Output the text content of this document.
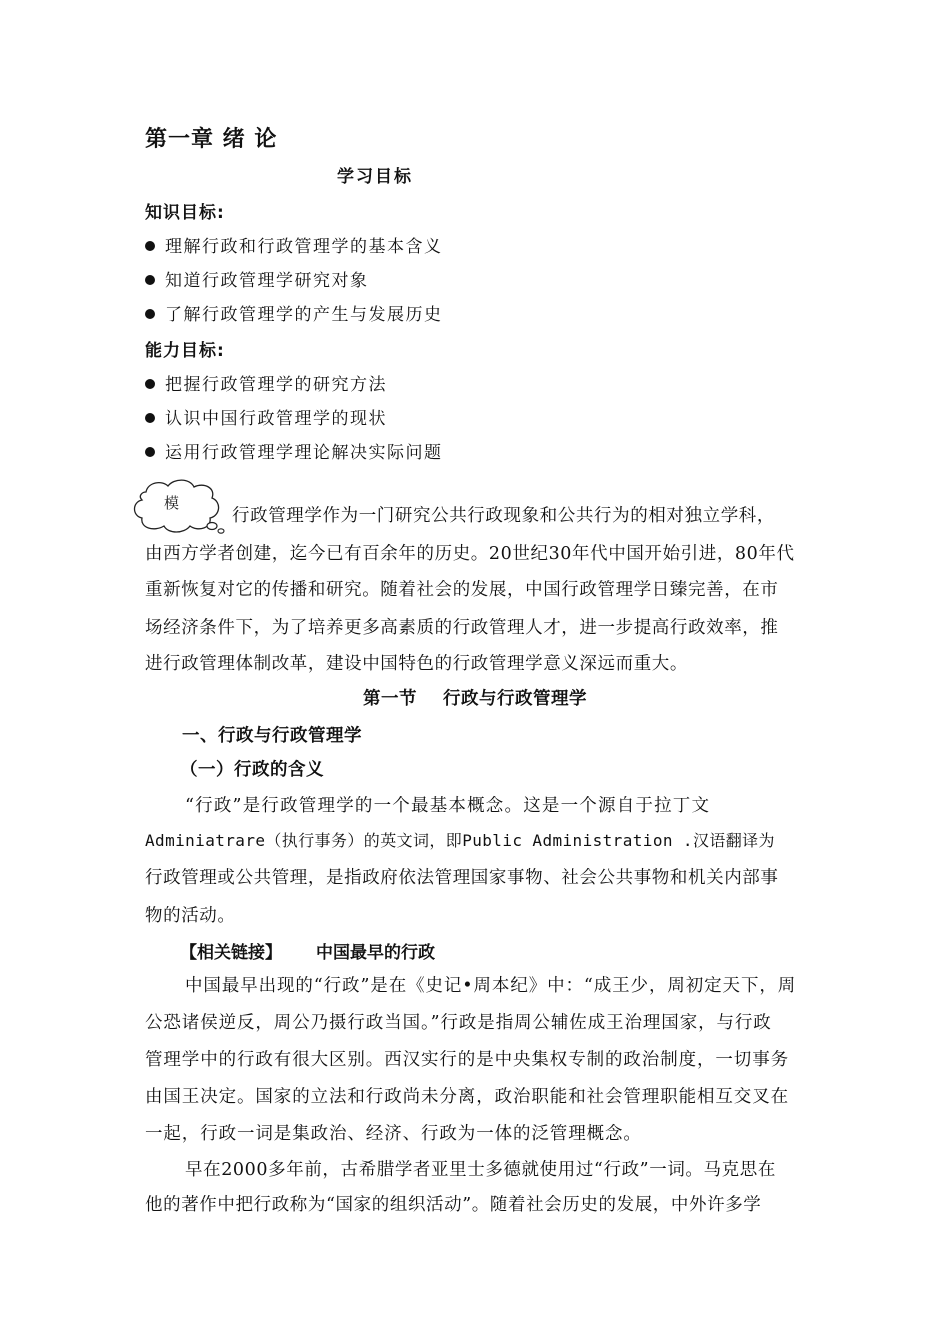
第一章 绪 论
学习目标
知识目标:
理解行政和行政管理学的基本含义
知道行政管理学研究对象
了解行政管理学的产生与发展历史
能力目标:
把握行政管理学的研究方法
认识中国行政管理学的现状
运用行政管理学理论解决实际问题
模
行政管理学作为一门研究公共行政现象和公共行为的相对独立学科，
由西方学者创建，迄今已有百余年的历史。20世纪30年代中国开始引进，80年代
重新恢复对它的传播和研究。随着社会的发展，中国行政管理学日臻完善，在市
场经济条件下，为了培养更多高素质的行政管理人才，进一步提高行政效率，推
进行政管理体制改革，建设中国特色的行政管理学意义深远而重大。
第一节 行政与行政管理学
一、行政与行政管理学
（一）行政的含义
“行政”是行政管理学的一个最基本概念。这是一个源自于拉丁文
Adminiatrare（执行事务）的英文词，即Public Administration .汉语翻译为
行政管理或公共管理，是指政府依法管理国家事物、社会公共事物和机关内部事
物的活动。
【相关链接】 中国最早的行政
中国最早出现的“行政”是在《史记•周本纪》中：“成王少，周初定天下，周
公恐诸侯逆反，周公乃摄行政当国。”行政是指周公辅佐成王治理国家，与行政
管理学中的行政有很大区别。西汉实行的是中央集权专制的政治制度，一切事务
由国王决定。国家的立法和行政尚未分离，政治职能和社会管理职能相互交叉在
一起，行政一词是集政治、经济、行政为一体的泛管理概念。
早在2000多年前，古希腊学者亚里士多德就使用过“行政”一词。马克思在
他的著作中把行政称为“国家的组织活动”。随着社会历史的发展，中外许多学
